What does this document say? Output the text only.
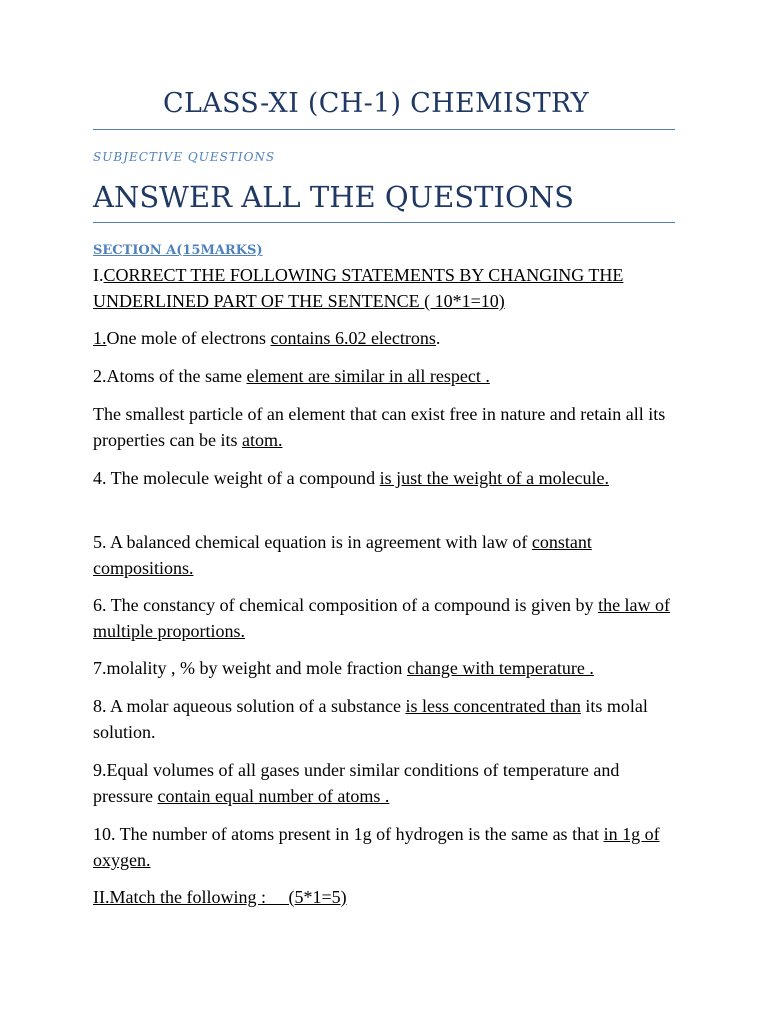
CLASS-XI (CH-1) CHEMISTRY
SUBJECTIVE QUESTIONS
ANSWER ALL THE QUESTIONS
SECTION A(15MARKS)
I.CORRECT THE FOLLOWING STATEMENTS BY CHANGING THE UNDERLINED PART OF THE SENTENCE ( 10*1=10)
1.One mole of electrons contains 6.02 electrons.
2.Atoms of the same element are similar in all respect .
The smallest particle of an element that can exist free in nature and retain all its properties can be its atom.
4. The molecule weight of a compound is just the weight of a molecule.
5. A balanced chemical equation is in agreement with law of constant compositions.
6. The constancy of chemical composition of a compound is given by the law of multiple proportions.
7.molality , % by weight and mole fraction change with temperature .
8. A molar aqueous solution of a substance is less concentrated than its molal solution.
9.Equal volumes of all gases under similar conditions of temperature and pressure contain equal number of atoms .
10. The number of atoms present in 1g of hydrogen is the same as that in 1g of oxygen.
II.Match the following :     (5*1=5)
